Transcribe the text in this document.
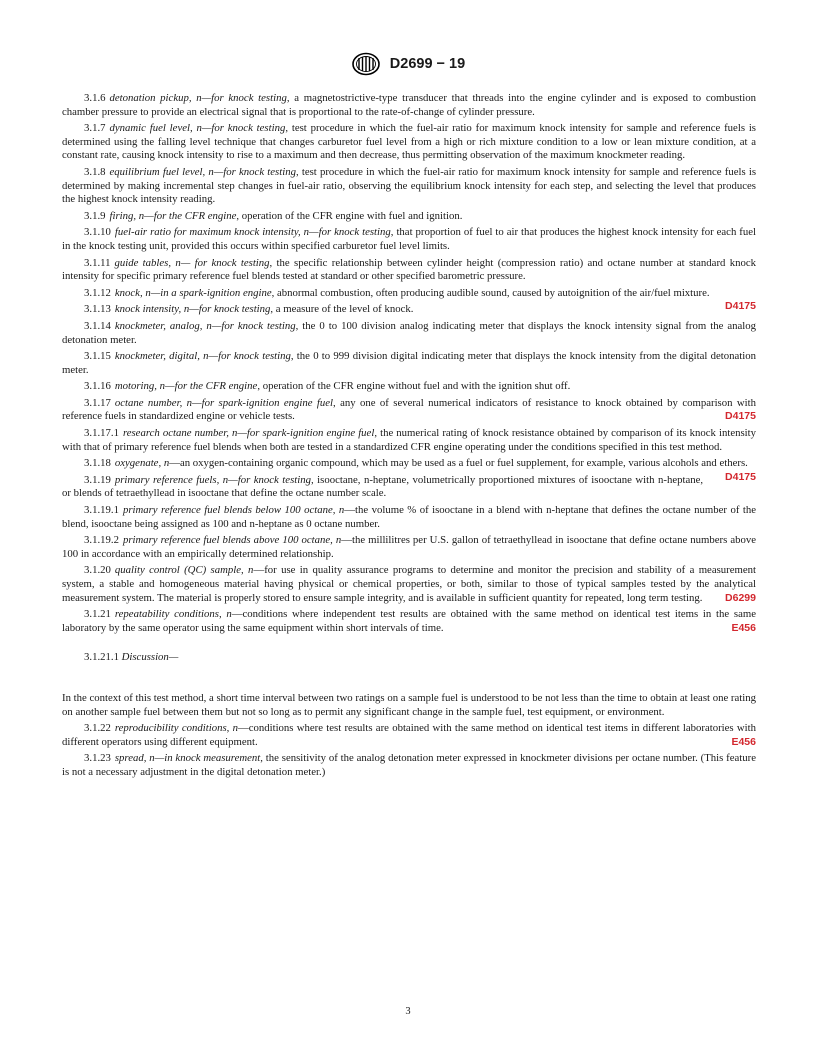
D2699 − 19

3.1.6 detonation pickup, n—for knock testing, a magnetostrictive-type transducer that threads into the engine cylinder and is exposed to combustion chamber pressure to provide an electrical signal that is proportional to the rate-of-change of cylinder pressure.

3.1.7 dynamic fuel level, n—for knock testing, test procedure in which the fuel-air ratio for maximum knock intensity for sample and reference fuels is determined using the falling level technique that changes carburetor fuel level from a high or rich mixture condition to a low or lean mixture condition, at a constant rate, causing knock intensity to rise to a maximum and then decrease, thus permitting observation of the maximum knockmeter reading.

3.1.8 equilibrium fuel level, n—for knock testing, test procedure in which the fuel-air ratio for maximum knock intensity for sample and reference fuels is determined by making incremental step changes in fuel-air ratio, observing the equilibrium knock intensity for each step, and selecting the level that produces the highest knock intensity reading.

3.1.9 firing, n—for the CFR engine, operation of the CFR engine with fuel and ignition.

3.1.10 fuel-air ratio for maximum knock intensity, n—for knock testing, that proportion of fuel to air that produces the highest knock intensity for each fuel in the knock testing unit, provided this occurs within specified carburetor fuel level limits.

3.1.11 guide tables, n— for knock testing, the specific relationship between cylinder height (compression ratio) and octane number at standard knock intensity for specific primary reference fuel blends tested at standard or other specified barometric pressure.

3.1.12 knock, n—in a spark-ignition engine, abnormal combustion, often producing audible sound, caused by autoignition of the air/fuel mixture.
D4175

3.1.13 knock intensity, n—for knock testing, a measure of the level of knock.

3.1.14 knockmeter, analog, n—for knock testing, the 0 to 100 division analog indicating meter that displays the knock intensity signal from the analog detonation meter.

3.1.15 knockmeter, digital, n—for knock testing, the 0 to 999 division digital indicating meter that displays the knock intensity from the digital detonation meter.

3.1.16 motoring, n—for the CFR engine, operation of the CFR engine without fuel and with the ignition shut off.

3.1.17 octane number, n—for spark-ignition engine fuel, any one of several numerical indicators of resistance to knock obtained by comparison with reference fuels in standardized engine or vehicle tests.	D4175

3.1.17.1 research octane number, n—for spark-ignition engine fuel, the numerical rating of knock resistance obtained by comparison of its knock intensity with that of primary reference fuel blends when both are tested in a standardized CFR engine operating under the conditions specified in this test method.

3.1.18 oxygenate, n—an oxygen-containing organic compound, which may be used as a fuel or fuel supplement, for example, various alcohols and ethers.
D4175

3.1.19 primary reference fuels, n—for knock testing, isooctane, n-heptane, volumetrically proportioned mixtures of isooctane with n-heptane, or blends of tetraethyllead in isooctane that define the octane number scale.

3.1.19.1 primary reference fuel blends below 100 octane, n—the volume % of isooctane in a blend with n-heptane that defines the octane number of the blend, isooctane being assigned as 100 and n-heptane as 0 octane number.

3.1.19.2 primary reference fuel blends above 100 octane, n—the millilitres per U.S. gallon of tetraethyllead in isooctane that define octane numbers above 100 in accordance with an empirically determined relationship.

3.1.20 quality control (QC) sample, n—for use in quality assurance programs to determine and monitor the precision and stability of a measurement system, a stable and homogeneous material having physical or chemical properties, or both, similar to those of typical samples tested by the analytical measurement system. The material is properly stored to ensure sample integrity, and is available in sufficient quantity for repeated, long term testing.	D6299

3.1.21 repeatability conditions, n—conditions where independent test results are obtained with the same method on identical test items in the same laboratory by the same operator using the same equipment within short intervals of time.	E456

3.1.21.1 Discussion—

In the context of this test method, a short time interval between two ratings on a sample fuel is understood to be not less than the time to obtain at least one rating on another sample fuel between them but not so long as to permit any significant change in the sample fuel, test equipment, or environment.

3.1.22 reproducibility conditions, n—conditions where test results are obtained with the same method on identical test items in different laboratories with different operators using different equipment.	E456

3.1.23 spread, n—in knock measurement, the sensitivity of the analog detonation meter expressed in knockmeter divisions per octane number. (This feature is not a necessary adjustment in the digital detonation meter.)

3
